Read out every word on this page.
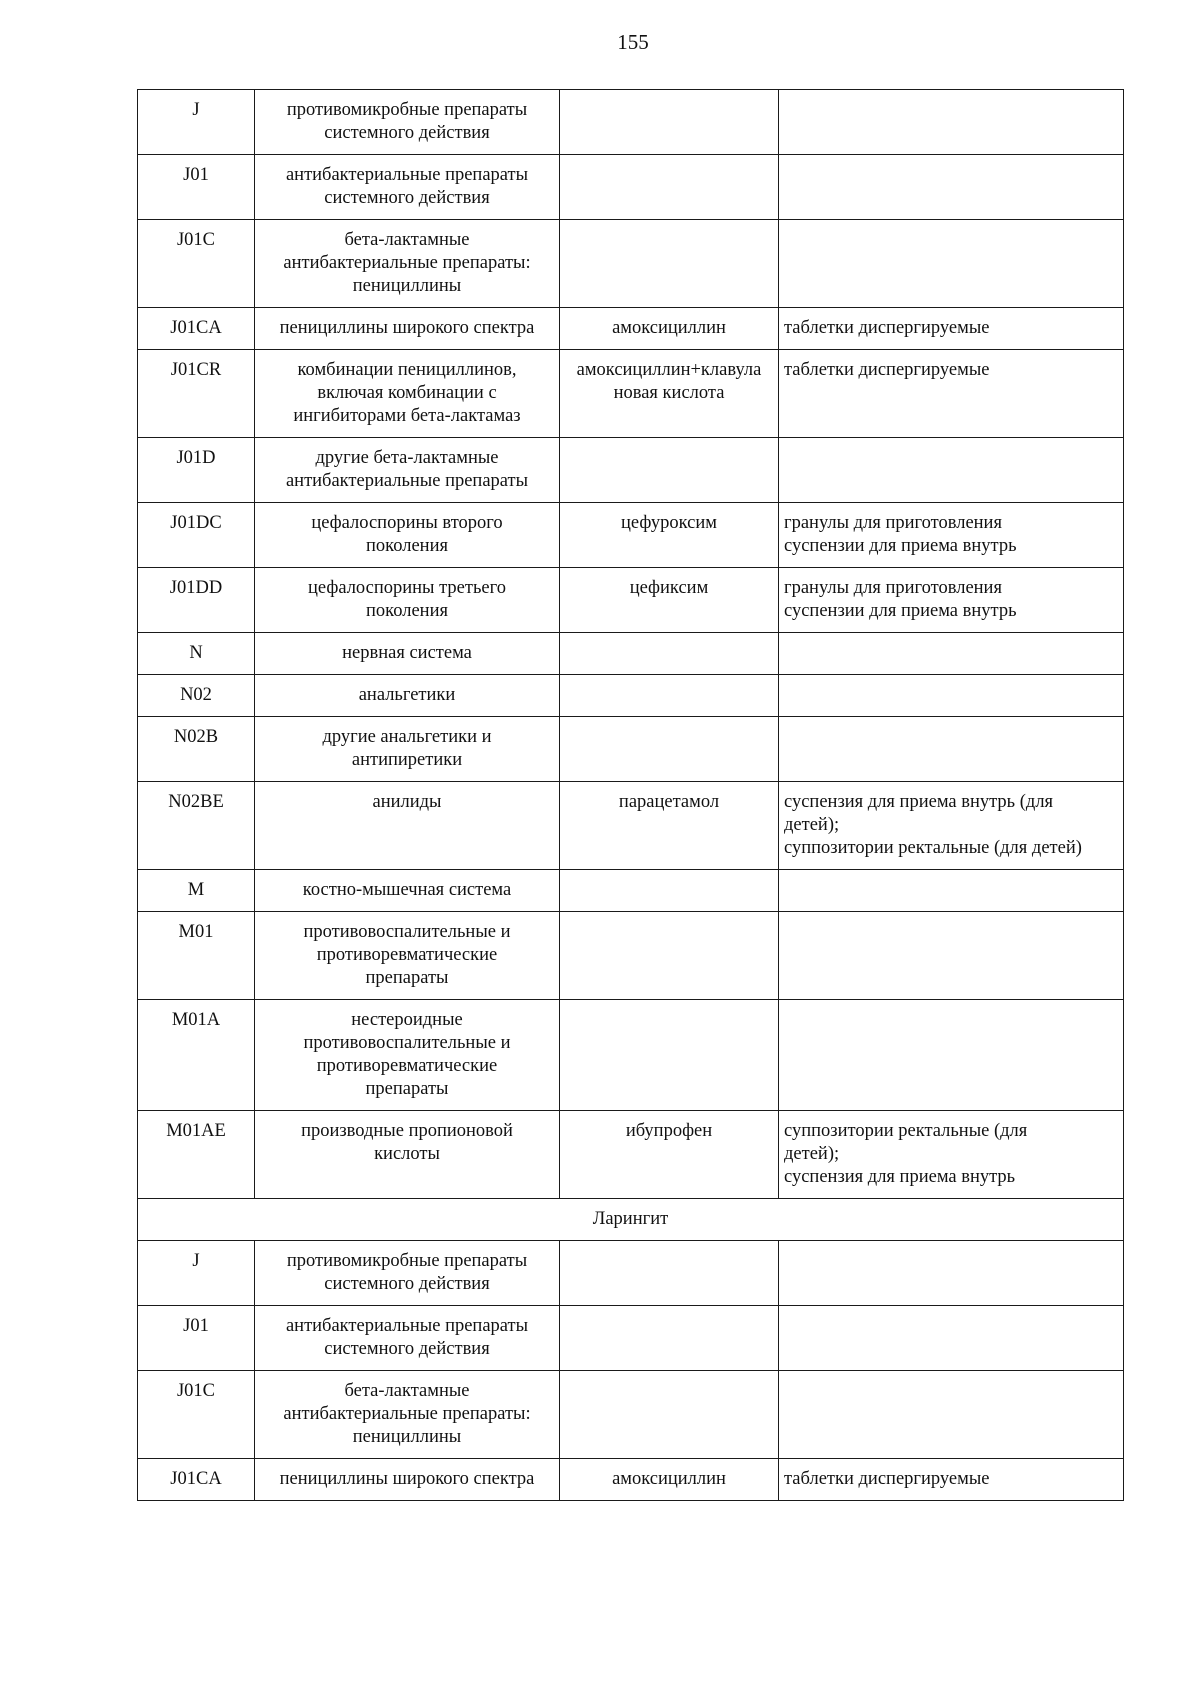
155
J	противомикробные препараты
системного действия		

J01	антибактериальные препараты
системного действия		

J01C	бета-лактамные
антибактериальные препараты:
пенициллины		

J01CA	пенициллины широкого спектра	амоксициллин	таблетки диспергируемые

J01CR	комбинации пенициллинов,
включая комбинации с
ингибиторами бета-лактамаз	амоксициллин+клавула
новая кислота	таблетки диспергируемые

J01D	другие бета-лактамные
антибактериальные препараты		

J01DC	цефалоспорины второго
поколения	цефуроксим	гранулы для приготовления
суспензии для приема внутрь

J01DD	цефалоспорины третьего
поколения	цефиксим	гранулы для приготовления
суспензии для приема внутрь

N	нервная система		

N02	анальгетики		

N02B	другие анальгетики и
антипиретики		

N02BE	анилиды	парацетамол	суспензия для приема внутрь (для
детей);
суппозитории ректальные (для детей)

M	костно-мышечная система		

M01	противовоспалительные и
противоревматические
препараты		

M01A	нестероидные
противовоспалительные и
противоревматические
препараты		

M01AE	производные пропионовой
кислоты	ибупрофен	суппозитории ректальные (для
детей);
суспензия для приема внутрь

Ларингит			
J	противомикробные препараты
системного действия		

J01	антибактериальные препараты
системного действия		

J01C	бета-лактамные
антибактериальные препараты:
пенициллины		

J01CA	пенициллины широкого спектра	амоксициллин	таблетки диспергируемые
